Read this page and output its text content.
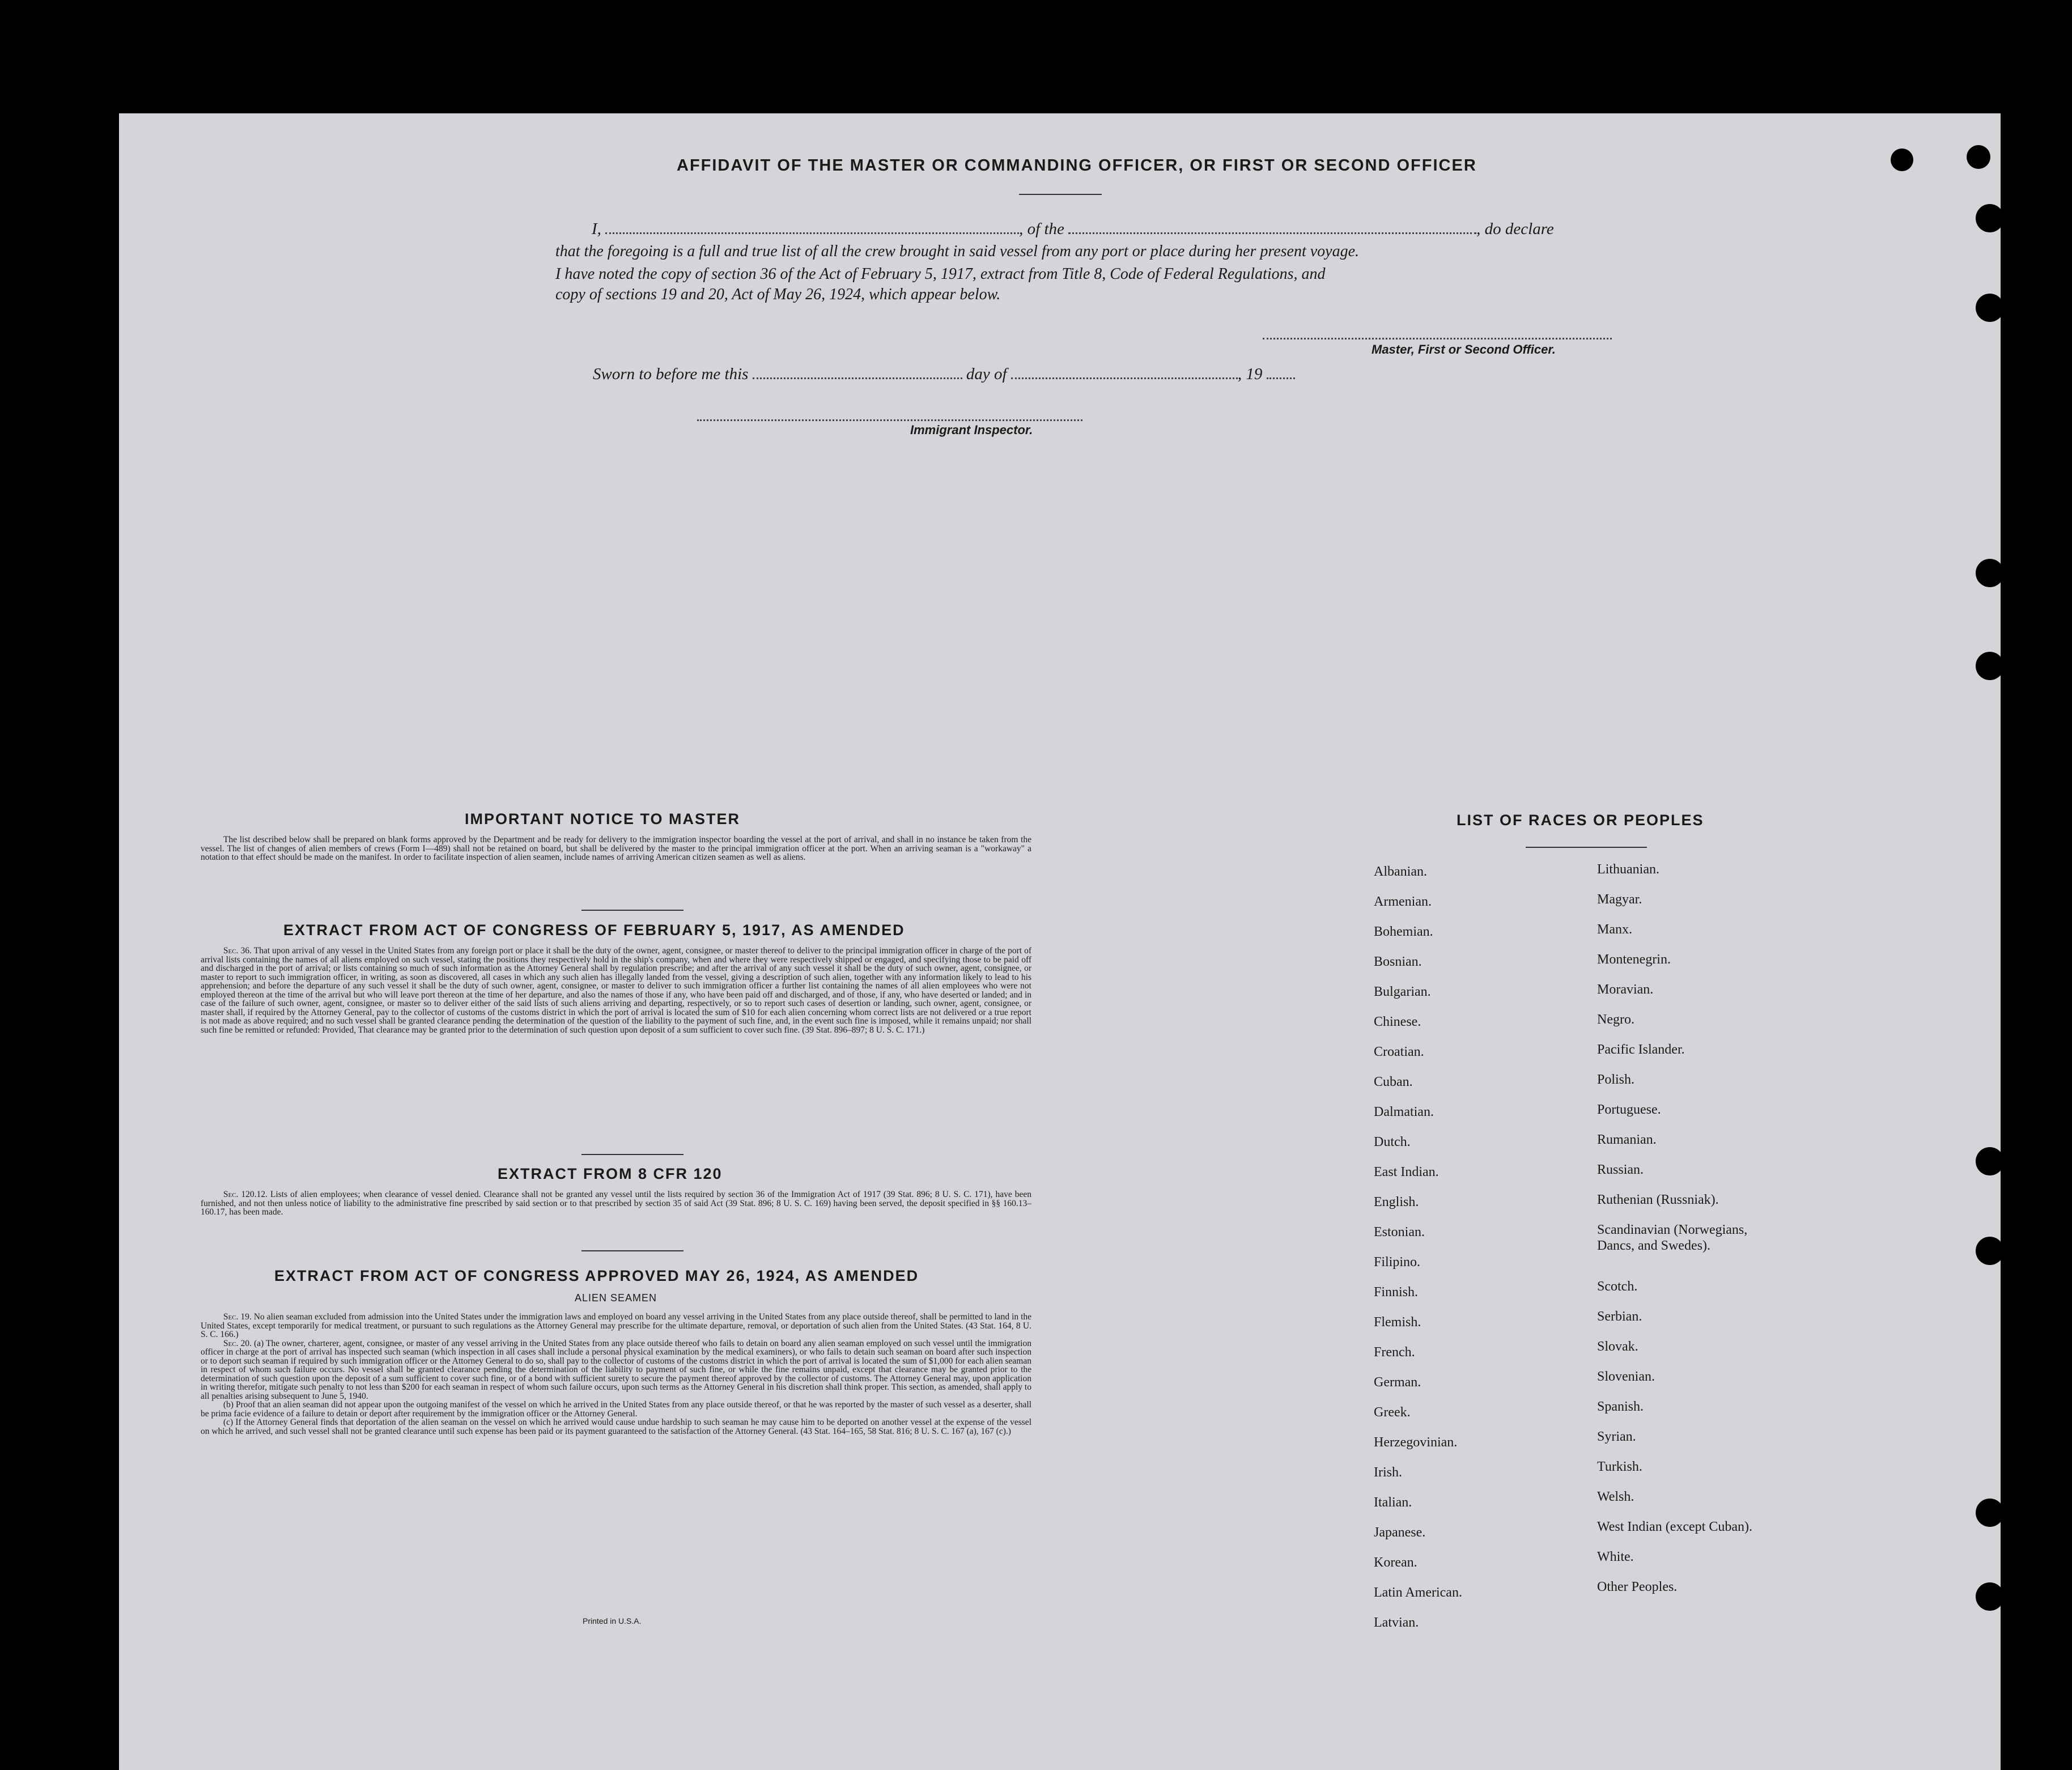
AFFIDAVIT OF THE MASTER OR COMMANDING OFFICER, OR FIRST OR SECOND OFFICER
I,	, of the	, do declare
that the foregoing is a full and true list of all the crew brought in said vessel from any port or place during her present voyage.
I have noted the copy of section 36 of the Act of February 5, 1917, extract from Title 8, Code of Federal Regulations, and
copy of sections 19 and 20, Act of May 26, 1924, which appear below.
Master, First or Second Officer.
Sworn to before me this	day of	, 19
Immigrant Inspector.
IMPORTANT NOTICE TO MASTER

The list described below shall be prepared on blank forms approved by the Department and be ready for delivery to the immigration inspector boarding the vessel at the port of arrival, and shall in no instance be taken from the vessel. The list of changes of alien members of crews (Form I—489) shall not be retained on board, but shall be delivered by the master to the principal immigration officer at the port. When an arriving seaman is a "workaway" a notation to that effect should be made on the manifest. In order to facilitate inspection of alien seamen, include names of arriving American citizen seamen as well as aliens.

EXTRACT FROM ACT OF CONGRESS OF FEBRUARY 5, 1917, AS AMENDED

Sec. 36. That upon arrival of any vessel in the United States from any foreign port or place it shall be the duty of the owner, agent, consignee, or master thereof to deliver to the principal immigration officer in charge of the port of arrival lists containing the names of all aliens employed on such vessel, stating the positions they respectively hold in the ship's company, when and where they were respectively shipped or engaged, and specifying those to be paid off and discharged in the port of arrival; or lists containing so much of such information as the Attorney General shall by regulation prescribe; and after the arrival of any such vessel it shall be the duty of such owner, agent, consignee, or master to report to such immigration officer, in writing, as soon as discovered, all cases in which any such alien has illegally landed from the vessel, giving a description of such alien, together with any information likely to lead to his apprehension; and before the departure of any such vessel it shall be the duty of such owner, agent, consignee, or master to deliver to such immigration officer a further list containing the names of all alien employees who were not employed thereon at the time of the arrival but who will leave port thereon at the time of her departure, and also the names of those if any, who have been paid off and discharged, and of those, if any, who have deserted or landed; and in case of the failure of such owner, agent, consignee, or master so to deliver either of the said lists of such aliens arriving and departing, respectively, or so to report such cases of desertion or landing, such owner, agent, consignee, or master shall, if required by the Attorney General, pay to the collector of customs of the customs district in which the port of arrival is located the sum of $10 for each alien concerning whom correct lists are not delivered or a true report is not made as above required; and no such vessel shall be granted clearance pending the determination of the question of the liability to the payment of such fine, and, in the event such fine is imposed, while it remains unpaid; nor shall such fine be remitted or refunded: Provided, That clearance may be granted prior to the determination of such question upon deposit of a sum sufficient to cover such fine. (39 Stat. 896–897; 8 U. S. C. 171.)

EXTRACT FROM 8 CFR 120

Sec. 120.12. Lists of alien employees; when clearance of vessel denied. Clearance shall not be granted any vessel until the lists required by section 36 of the Immigration Act of 1917 (39 Stat. 896; 8 U. S. C. 171), have been furnished, and not then unless notice of liability to the administrative fine prescribed by said section or to that prescribed by section 35 of said Act (39 Stat. 896; 8 U. S. C. 169) having been served, the deposit specified in §§ 160.13–160.17, has been made.

EXTRACT FROM ACT OF CONGRESS APPROVED MAY 26, 1924, AS AMENDED
ALIEN SEAMEN

Sec. 19. No alien seaman excluded from admission into the United States under the immigration laws and employed on board any vessel arriving in the United States from any place outside thereof, shall be permitted to land in the United States, except temporarily for medical treatment, or pursuant to such regulations as the Attorney General may prescribe for the ultimate departure, removal, or deportation of such alien from the United States. (43 Stat. 164, 8 U. S. C. 166.)

Sec. 20. (a) The owner, charterer, agent, consignee, or master of any vessel arriving in the United States from any place outside thereof who fails to detain on board any alien seaman employed on such vessel until the immigration officer in charge at the port of arrival has inspected such seaman (which inspection in all cases shall include a personal physical examination by the medical examiners), or who fails to detain such seaman on board after such inspection or to deport such seaman if required by such immigration officer or the Attorney General to do so, shall pay to the collector of customs of the customs district in which the port of arrival is located the sum of $1,000 for each alien seaman in respect of whom such failure occurs. No vessel shall be granted clearance pending the determination of the liability to payment of such fine, or while the fine remains unpaid, except that clearance may be granted prior to the determination of such question upon the deposit of a sum sufficient to cover such fine, or of a bond with sufficient surety to secure the payment thereof approved by the collector of customs. The Attorney General may, upon application in writing therefor, mitigate such penalty to not less than $200 for each seaman in respect of whom such failure occurs, upon such terms as the Attorney General in his discretion shall think proper. This section, as amended, shall apply to all penalties arising subsequent to June 5, 1940.

(b) Proof that an alien seaman did not appear upon the outgoing manifest of the vessel on which he arrived in the United States from any place outside thereof, or that he was reported by the master of such vessel as a deserter, shall be prima facie evidence of a failure to detain or deport after requirement by the immigration officer or the Attorney General.

(c) If the Attorney General finds that deportation of the alien seaman on the vessel on which he arrived would cause undue hardship to such seaman he may cause him to be deported on another vessel at the expense of the vessel on which he arrived, and such vessel shall not be granted clearance until such expense has been paid or its payment guaranteed to the satisfaction of the Attorney General. (43 Stat. 164–165, 58 Stat. 816; 8 U. S. C. 167 (a), 167 (c).)

Printed in U.S.A.
LIST OF RACES OR PEOPLES
Albanian.
Armenian.
Bohemian.
Bosnian.
Bulgarian.
Chinese.
Croatian.
Cuban.
Dalmatian.
Dutch.
East Indian.
English.
Estonian.
Filipino.
Finnish.
Flemish.
French.
German.
Greek.
Herzegovinian.
Irish.
Italian.
Japanese.
Korean.
Latin American.
Latvian.
Lithuanian.
Magyar.
Manx.
Montenegrin.
Moravian.
Negro.
Pacific Islander.
Polish.
Portuguese.
Rumanian.
Russian.
Ruthenian (Russniak).
Scandinavian (Norwegians,
Dancs, and Swedes).
Scotch.
Serbian.
Slovak.
Slovenian.
Spanish.
Syrian.
Turkish.
Welsh.
West Indian (except Cuban).
White.
Other Peoples.
